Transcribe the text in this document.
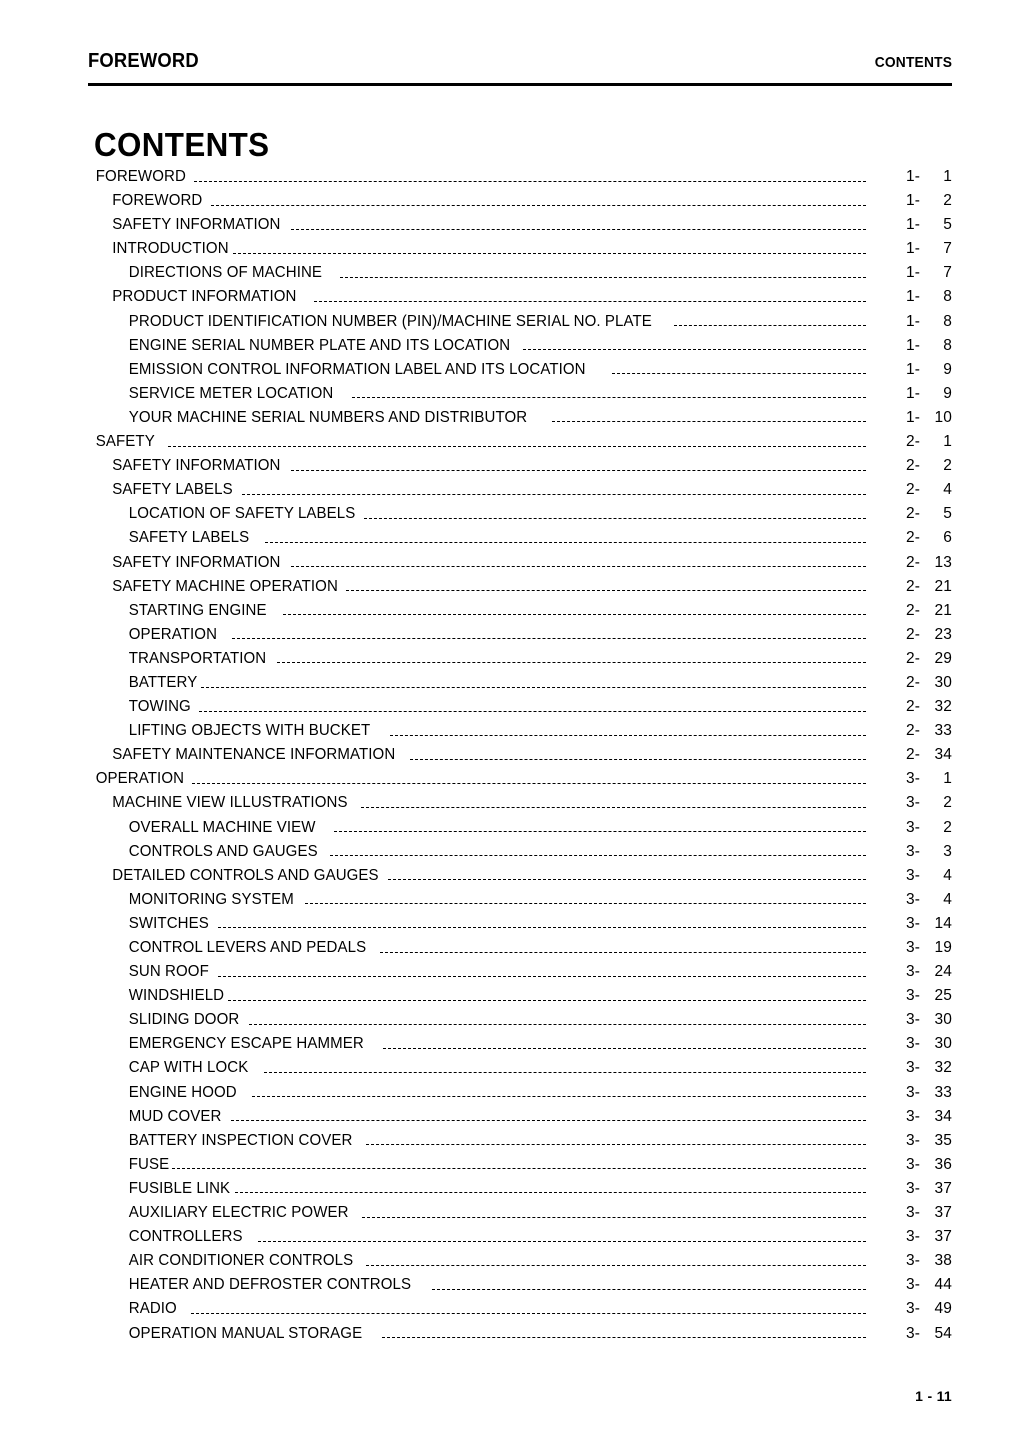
FOREWORD	CONTENTS
CONTENTS
FOREWORD	1-	1
FOREWORD	1-	2
SAFETY INFORMATION	1-	5
INTRODUCTION	1-	7
DIRECTIONS OF MACHINE	1-	7
PRODUCT INFORMATION	1-	8
PRODUCT IDENTIFICATION NUMBER (PIN)/MACHINE SERIAL NO. PLATE	1-	8
ENGINE SERIAL NUMBER PLATE AND ITS LOCATION	1-	8
EMISSION CONTROL INFORMATION LABEL AND ITS LOCATION	1-	9
SERVICE METER LOCATION	1-	9
YOUR MACHINE SERIAL NUMBERS AND DISTRIBUTOR	1- 10
SAFETY	2-	1
SAFETY INFORMATION	2-	2
SAFETY LABELS	2-	4
LOCATION OF SAFETY LABELS	2-	5
SAFETY LABELS	2-	6
SAFETY INFORMATION	2- 13
SAFETY MACHINE OPERATION	2- 21
STARTING ENGINE	2- 21
OPERATION	2- 23
TRANSPORTATION	2- 29
BATTERY	2- 30
TOWING	2- 32
LIFTING OBJECTS WITH BUCKET	2- 33
SAFETY MAINTENANCE INFORMATION	2- 34
OPERATION	3-	1
MACHINE VIEW ILLUSTRATIONS	3-	2
OVERALL MACHINE VIEW	3-	2
CONTROLS AND GAUGES	3-	3
DETAILED CONTROLS AND GAUGES	3-	4
MONITORING SYSTEM	3-	4
SWITCHES	3- 14
CONTROL LEVERS AND PEDALS	3- 19
SUN ROOF	3- 24
WINDSHIELD	3- 25
SLIDING DOOR	3- 30
EMERGENCY ESCAPE HAMMER	3- 30
CAP WITH LOCK	3- 32
ENGINE HOOD	3- 33
MUD COVER	3- 34
BATTERY INSPECTION COVER	3- 35
FUSE	3- 36
FUSIBLE LINK	3- 37
AUXILIARY ELECTRIC POWER	3- 37
CONTROLLERS	3- 37
AIR CONDITIONER CONTROLS	3- 38
HEATER AND DEFROSTER CONTROLS	3- 44
RADIO	3- 49
OPERATION MANUAL STORAGE	3- 54
1 - 11
